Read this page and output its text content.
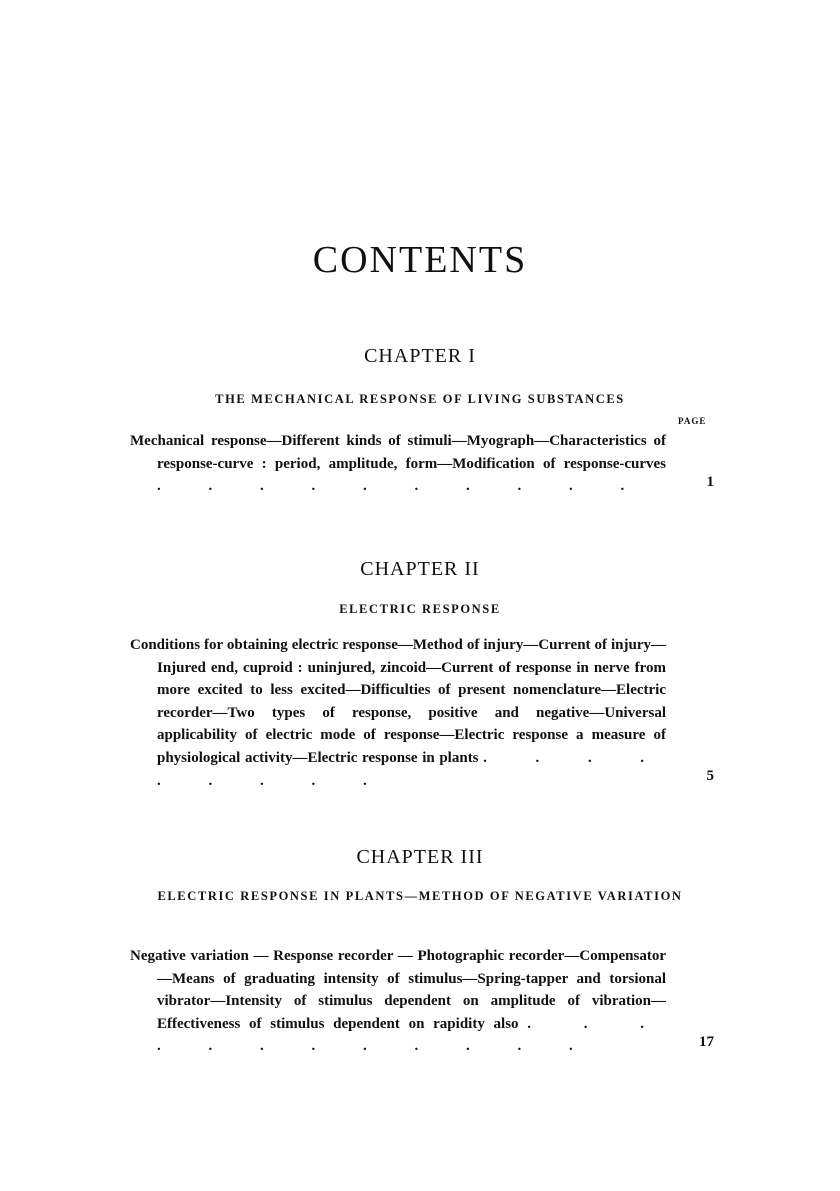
CONTENTS
CHAPTER I
THE MECHANICAL RESPONSE OF LIVING SUBSTANCES
PAGE
Mechanical response—Different kinds of stimuli—Myograph—Characteristics of response-curve : period, amplitude, form—Modification of response-curves . . . . . . . . . .	1
CHAPTER II
ELECTRIC RESPONSE
Conditions for obtaining electric response—Method of injury—Current of injury—Injured end, cuproid : uninjured, zincoid—Current of response in nerve from more excited to less excited—Difficulties of present nomenclature—Electric recorder—Two types of response, positive and negative—Universal applicability of electric mode of response—Electric response a measure of physiological activity—Electric response in plants . . . . . . . . .	5
CHAPTER III
ELECTRIC RESPONSE IN PLANTS—METHOD OF NEGATIVE VARIATION
Negative variation — Response recorder — Photographic recorder—Compensator—Means of graduating intensity of stimulus—Spring-tapper and torsional vibrator—Intensity of stimulus dependent on amplitude of vibration—Effectiveness of stimulus dependent on rapidity also . . . . . . . . . . . .	17
